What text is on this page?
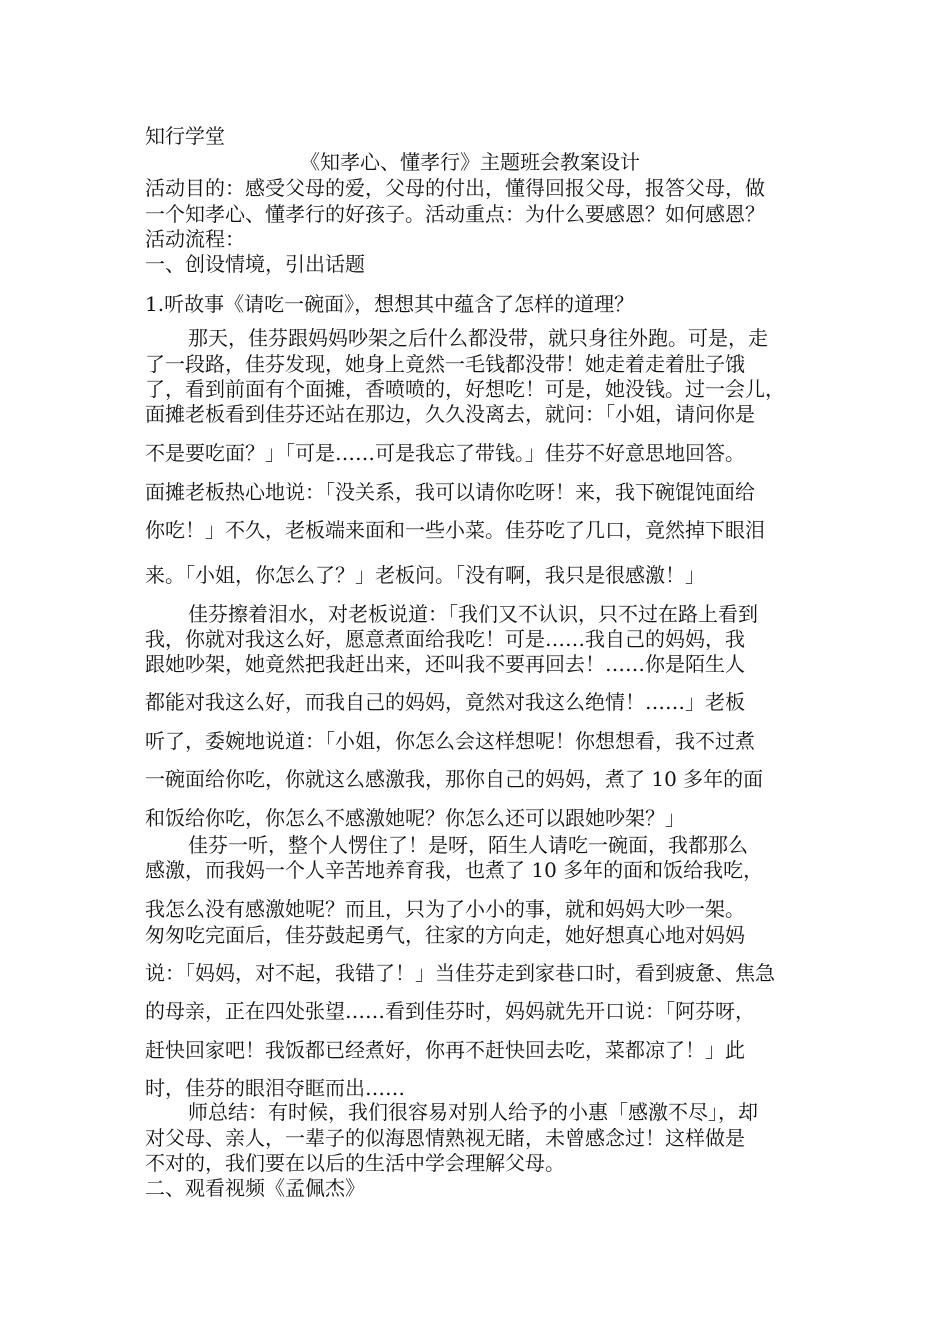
知行学堂
《知孝心、懂孝行》主题班会教案设计
活动目的：感受父母的爱，父母的付出，懂得回报父母，报答父母，做
一个知孝心、懂孝行的好孩子。活动重点：为什么要感恩？如何感恩？
活动流程：
一、创设情境，引出话题
1.听故事《请吃一碗面》，想想其中蕴含了怎样的道理？
那天，佳芬跟妈妈吵架之后什么都没带，就只身往外跑。可是，走
了一段路，佳芬发现，她身上竟然一毛钱都没带！她走着走着肚子饿
了，看到前面有个面摊，香喷喷的，好想吃！可是，她没钱。过一会儿，
面摊老板看到佳芬还站在那边，久久没离去，就问：「小姐，请问你是
不是要吃面？」「可是……可是我忘了带钱。」佳芬不好意思地回答。
面摊老板热心地说：「没关系，我可以请你吃呀！来，我下碗馄饨面给
你吃！」不久，老板端来面和一些小菜。佳芬吃了几口，竟然掉下眼泪
来。「小姐，你怎么了？」老板问。「没有啊，我只是很感激！」
佳芬擦着泪水，对老板说道：「我们又不认识，只不过在路上看到
我，你就对我这么好，愿意煮面给我吃！可是……我自己的妈妈，我
跟她吵架，她竟然把我赶出来，还叫我不要再回去！……你是陌生人
都能对我这么好，而我自己的妈妈，竟然对我这么绝情！……」老板
听了，委婉地说道：「小姐，你怎么会这样想呢！你想想看，我不过煮
一碗面给你吃，你就这么感激我，那你自己的妈妈，煮了 10 多年的面
和饭给你吃，你怎么不感激她呢？你怎么还可以跟她吵架？」
佳芬一听，整个人愣住了！是呀，陌生人请吃一碗面，我都那么
感激，而我妈一个人辛苦地养育我，也煮了 10 多年的面和饭给我吃，
我怎么没有感激她呢？而且，只为了小小的事，就和妈妈大吵一架。
匆匆吃完面后，佳芬鼓起勇气，往家的方向走，她好想真心地对妈妈
说：「妈妈，对不起，我错了！」当佳芬走到家巷口时，看到疲惫、焦急
的母亲，正在四处张望……看到佳芬时，妈妈就先开口说：「阿芬呀，
赶快回家吧！我饭都已经煮好，你再不赶快回去吃，菜都凉了！」此
时，佳芬的眼泪夺眶而出……
师总结：有时候，我们很容易对别人给予的小惠「感激不尽」，却
对父母、亲人，一辈子的似海恩情熟视无睹，未曾感念过！这样做是
不对的，我们要在以后的生活中学会理解父母。
二、观看视频《孟佩杰》
